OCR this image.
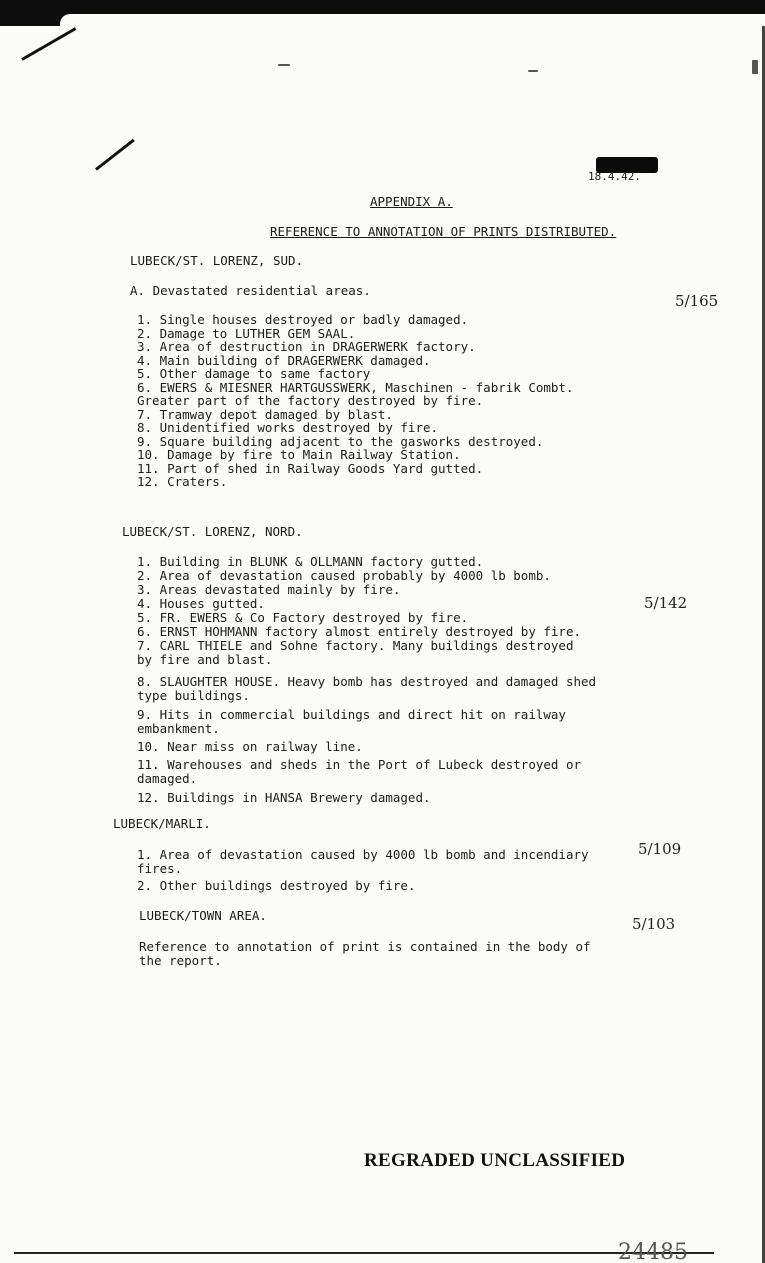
18.4.42.
APPENDIX A.
REFERENCE TO ANNOTATION OF PRINTS DISTRIBUTED.
LUBECK/ST. LORENZ, SUD.
A. Devastated residential areas.
5/165
1. Single houses destroyed or badly damaged.
2. Damage to LUTHER GEM SAAL.
3. Area of destruction in DRAGERWERK factory.
4. Main building of DRAGERWERK damaged.
5. Other damage to same factory
6. EWERS & MIESNER HARTGUSSWERK, Maschinen - fabrik Combt.
Greater part of the factory destroyed by fire.
7. Tramway depot damaged by blast.
8. Unidentified works destroyed by fire.
9. Square building adjacent to the gasworks destroyed.
10. Damage by fire to Main Railway Station.
11. Part of shed in Railway Goods Yard gutted.
12. Craters.
LUBECK/ST. LORENZ, NORD.
5/142
1. Building in BLUNK & OLLMANN factory gutted.
2. Area of devastation caused probably by 4000 lb bomb.
3. Areas devastated mainly by fire.
4. Houses gutted.
5. FR. EWERS & Co Factory destroyed by fire.
6. ERNST HOHMANN factory almost entirely destroyed by fire.
7. CARL THIELE and Sohne factory. Many buildings destroyed
by fire and blast.
8. SLAUGHTER HOUSE. Heavy bomb has destroyed and damaged shed
type buildings.
9. Hits in commercial buildings and direct hit on railway
embankment.
10. Near miss on railway line.
11. Warehouses and sheds in the Port of Lubeck destroyed or
damaged.
12. Buildings in HANSA Brewery damaged.
LUBECK/MARLI.
5/109
1. Area of devastation caused by 4000 lb bomb and incendiary
fires.
2. Other buildings destroyed by fire.
LUBECK/TOWN AREA.	5/103
Reference to annotation of print is contained in the body of
the report.
REGRADED UNCLASSIFIED
24485
